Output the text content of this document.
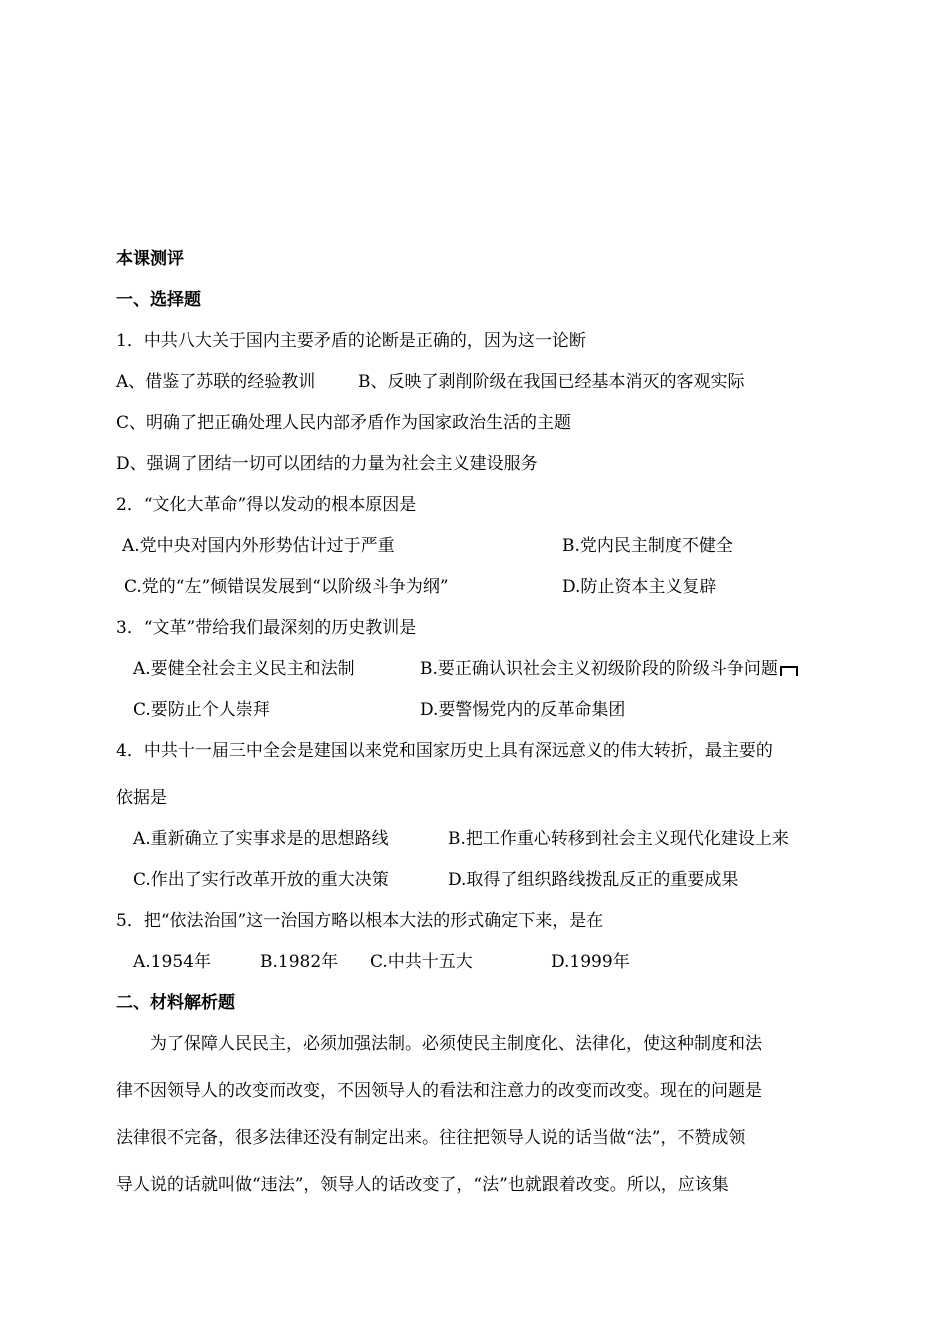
本课测评
一、选择题
1．中共八大关于国内主要矛盾的论断是正确的，因为这一论断
A、借鉴了苏联的经验教训	B、反映了剥削阶级在我国已经基本消灭的客观实际
C、明确了把正确处理人民内部矛盾作为国家政治生活的主题
D、强调了团结一切可以团结的力量为社会主义建设服务
2．“文化大革命”得以发动的根本原因是
A.党中央对国内外形势估计过于严重	B.党内民主制度不健全
C.党的“左”倾错误发展到“以阶级斗争为纲”	D.防止资本主义复辟
3．“文革”带给我们最深刻的历史教训是
A.要健全社会主义民主和法制	B.要正确认识社会主义初级阶段的阶级斗争问题
C.要防止个人崇拜	D.要警惕党内的反革命集团
4．中共十一届三中全会是建国以来党和国家历史上具有深远意义的伟大转折，最主要的
依据是
A.重新确立了实事求是的思想路线	B.把工作重心转移到社会主义现代化建设上来
C.作出了实行改革开放的重大决策	D.取得了组织路线拨乱反正的重要成果
5．把“依法治国”这一治国方略以根本大法的形式确定下来，是在
A.1954年	B.1982年 C.中共十五大	D.1999年
二、材料解析题
为了保障人民民主，必须加强法制。必须使民主制度化、法律化，使这种制度和法
律不因领导人的改变而改变，不因领导人的看法和注意力的改变而改变。现在的问题是
法律很不完备，很多法律还没有制定出来。往往把领导人说的话当做“法”，不赞成领
导人说的话就叫做“违法”，领导人的话改变了，“法”也就跟着改变。所以，应该集
